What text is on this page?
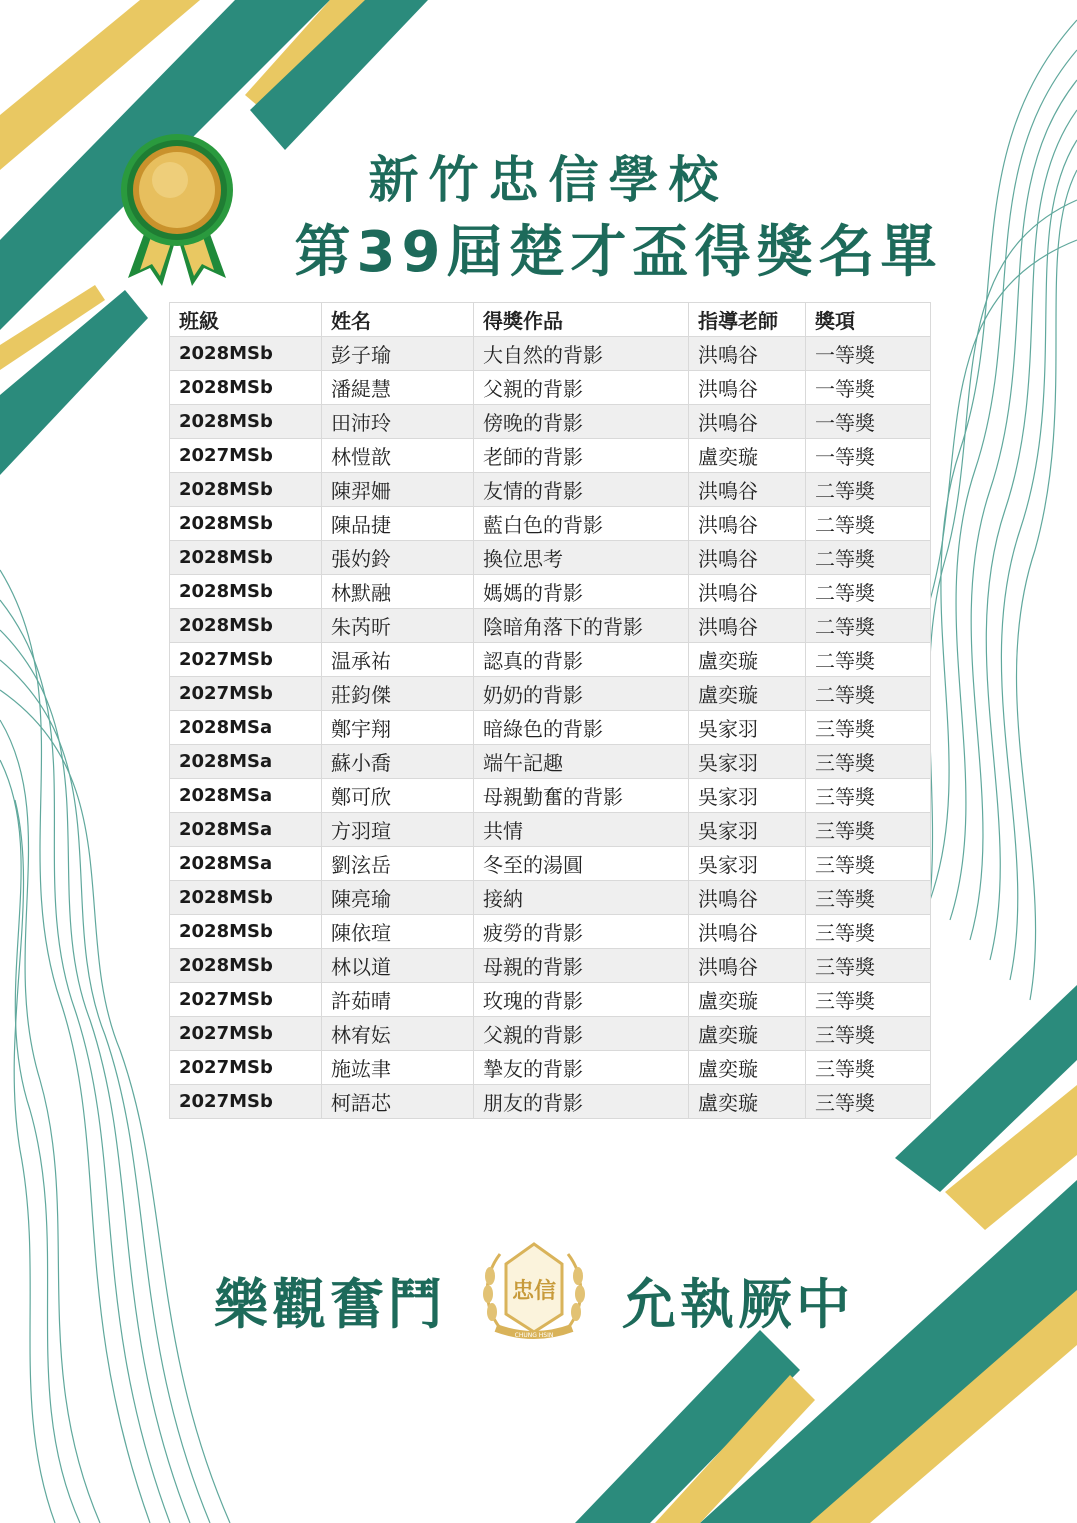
新竹忠信學校
第39屆楚才盃得獎名單
班級	姓名	得獎作品	指導老師	獎項
2028MSb	彭子瑜	大自然的背影	洪鳴谷	一等獎
2028MSb	潘緹慧	父親的背影	洪鳴谷	一等獎
2028MSb	田沛玲	傍晚的背影	洪鳴谷	一等獎
2027MSb	林愷歆	老師的背影	盧奕璇	一等獎
2028MSb	陳羿姍	友情的背影	洪鳴谷	二等獎
2028MSb	陳品捷	藍白色的背影	洪鳴谷	二等獎
2028MSb	張妁鈴	換位思考	洪鳴谷	二等獎
2028MSb	林默融	媽媽的背影	洪鳴谷	二等獎
2028MSb	朱芮昕	陰暗角落下的背影	洪鳴谷	二等獎
2027MSb	温承祐	認真的背影	盧奕璇	二等獎
2027MSb	莊鈞傑	奶奶的背影	盧奕璇	二等獎
2028MSa	鄭宇翔	暗綠色的背影	吳家羽	三等獎
2028MSa	蘇小喬	端午記趣	吳家羽	三等獎
2028MSa	鄭可欣	母親勤奮的背影	吳家羽	三等獎
2028MSa	方羽瑄	共情	吳家羽	三等獎
2028MSa	劉泫岳	冬至的湯圓	吳家羽	三等獎
2028MSb	陳亮瑜	接納	洪鳴谷	三等獎
2028MSb	陳依瑄	疲勞的背影	洪鳴谷	三等獎
2028MSb	林以道	母親的背影	洪鳴谷	三等獎
2027MSb	許茹晴	玫瑰的背影	盧奕璇	三等獎
2027MSb	林宥妘	父親的背影	盧奕璇	三等獎
2027MSb	施竑聿	摯友的背影	盧奕璇	三等獎
2027MSb	柯語芯	朋友的背影	盧奕璇	三等獎
樂觀奮鬥	忠信
CHUNG HSIN 允執厥中
